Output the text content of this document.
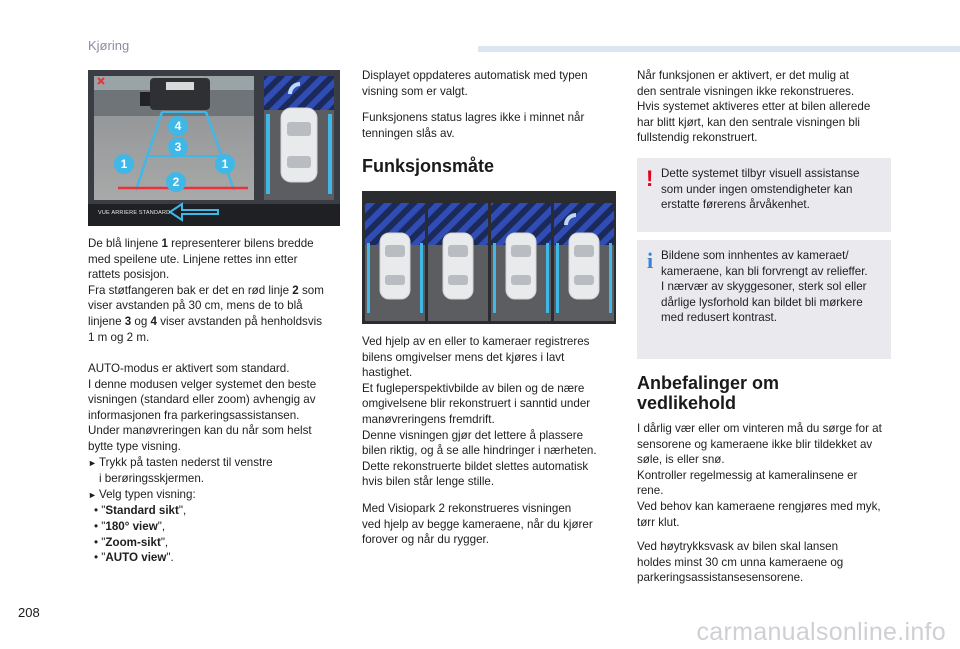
Kjøring
1	1
2
3
4
VUE ARRIERE STANDARD
De blå linjene 1 representerer bilens bredde
med speilene ute. Linjene rettes inn etter
rattets posisjon.
Fra støtfangeren bak er det en rød linje 2 som
viser avstanden på 30 cm, mens de to blå
linjene 3 og 4 viser avstanden på henholdsvis
1 m og 2 m.
AUTO-modus er aktivert som standard.
I denne modusen velger systemet den beste
visningen (standard eller zoom) avhengig av
informasjonen fra parkeringsassistansen.
Under manøvreringen kan du når som helst
bytte type visning.
► Trykk på tasten nederst til venstre
i berøringsskjermen.
► Velg typen visning:
• "Standard sikt",
• "180° view",
• "Zoom-sikt",
• "AUTO view".
Displayet oppdateres automatisk med typen
visning som er valgt.
Funksjonens status lagres ikke i minnet når
tenningen slås av.
Funksjonsmåte
Ved hjelp av en eller to kameraer registreres
bilens omgivelser mens det kjøres i lavt
hastighet.
Et fugleperspektivbilde av bilen og de nære
omgivelsene blir rekonstruert i sanntid under
manøvreringens fremdrift.
Denne visningen gjør det lettere å plassere
bilen riktig, og å se alle hindringer i nærheten.
Dette rekonstruerte bildet slettes automatisk
hvis bilen står lenge stille.
Med Visiopark 2 rekonstrueres visningen
ved hjelp av begge kameraene, når du kjører
forover og når du rygger.
Når funksjonen er aktivert, er det mulig at
den sentrale visningen ikke rekonstrueres.
Hvis systemet aktiveres etter at bilen allerede
har blitt kjørt, kan den sentrale visningen bli
fullstendig rekonstruert.
! Dette systemet tilbyr visuell assistanse
som under ingen omstendigheter kan
erstatte førerens årvåkenhet.
i Bildene som innhentes av kameraet/
kameraene, kan bli forvrengt av relieffer.
I nærvær av skyggesoner, sterk sol eller
dårlige lysforhold kan bildet bli mørkere
med redusert kontrast.
Anbefalinger om
vedlikehold
I dårlig vær eller om vinteren må du sørge for at
sensorene og kameraene ikke blir tildekket av
søle, is eller snø.
Kontroller regelmessig at kameralinsene er
rene.
Ved behov kan kameraene rengjøres med myk,
tørr klut.
Ved høytrykksvask av bilen skal lansen
holdes minst 30 cm unna kameraene og
parkeringsassistansesensorene.
208
carmanualsonline.info
